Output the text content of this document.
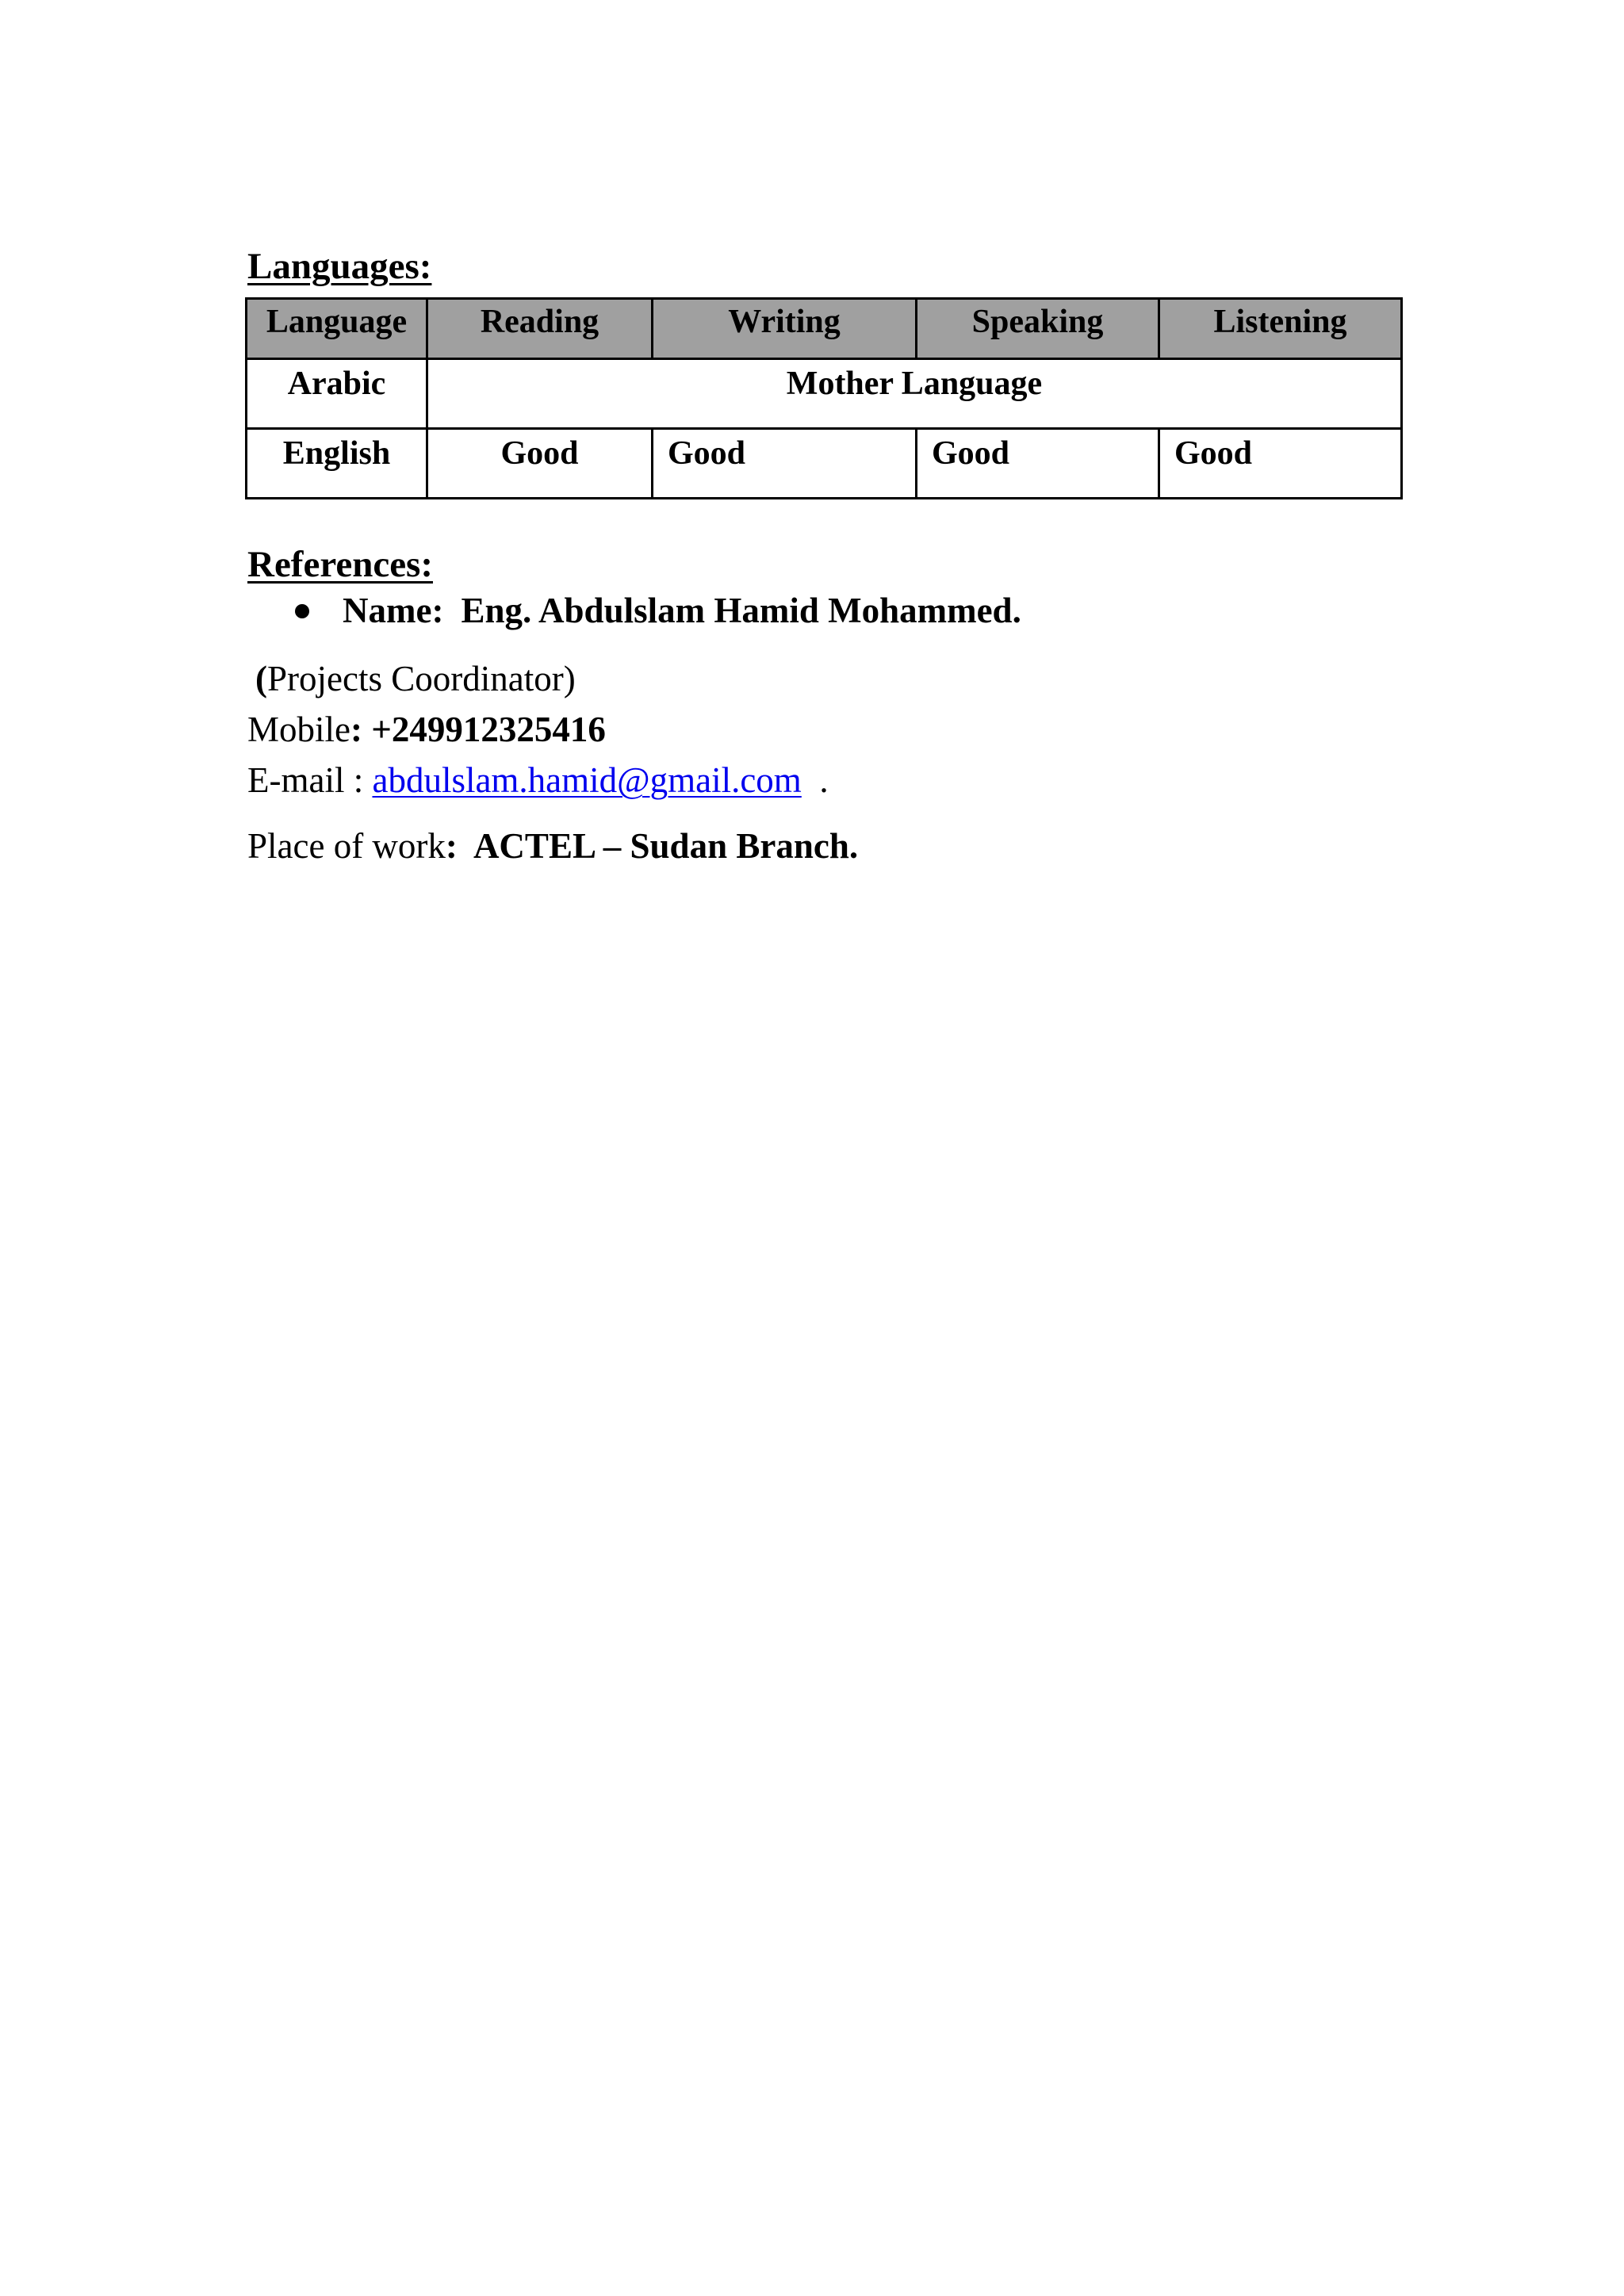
Languages:
Language	Reading	Writing	Speaking	Listening
Arabic	Mother Language			
English	Good	Good	Good	Good
References:
Name: Eng. Abdulslam Hamid Mohammed.
(Projects Coordinator)
Mobile: +249912325416
E-mail : abdulslam.hamid@gmail.com  .
Place of work:  ACTEL – Sudan Branch.
